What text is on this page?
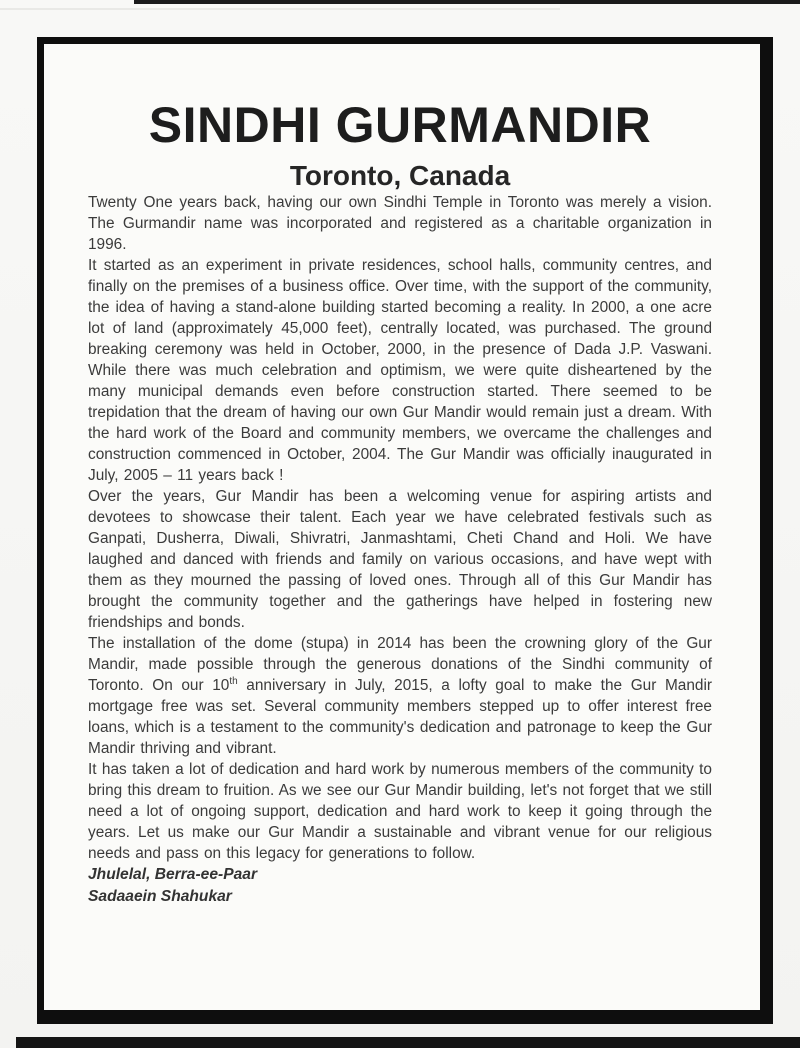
SINDHI GURMANDIR
Toronto, Canada

Twenty One years back, having our own Sindhi Temple in Toronto was merely a vision. The Gurmandir name was incorporated and registered as a charitable organization in 1996.

It started as an experiment in private residences, school halls, community centres, and finally on the premises of a business office. Over time, with the support of the community, the idea of having a stand-alone building started becoming a reality. In 2000, a one acre lot of land (approximately 45,000 feet), centrally located, was purchased. The ground breaking ceremony was held in October, 2000, in the presence of Dada J.P. Vaswani. While there was much celebration and optimism, we were quite disheartened by the many municipal demands even before construction started. There seemed to be trepidation that the dream of having our own Gur Mandir would remain just a dream. With the hard work of the Board and community members, we overcame the challenges and construction commenced in October, 2004. The Gur Mandir was officially inaugurated in July, 2005 – 11 years back !

Over the years, Gur Mandir has been a welcoming venue for aspiring artists and devotees to showcase their talent. Each year we have celebrated festivals such as Ganpati, Dusherra, Diwali, Shivratri, Janmashtami, Cheti Chand and Holi. We have laughed and danced with friends and family on various occasions, and have wept with them as they mourned the passing of loved ones. Through all of this Gur Mandir has brought the community together and the gatherings have helped in fostering new friendships and bonds.

The installation of the dome (stupa) in 2014 has been the crowning glory of the Gur Mandir, made possible through the generous donations of the Sindhi community of Toronto. On our 10th anniversary in July, 2015, a lofty goal to make the Gur Mandir mortgage free was set. Several community members stepped up to offer interest free loans, which is a testament to the community's dedication and patronage to keep the Gur Mandir thriving and vibrant.

It has taken a lot of dedication and hard work by numerous members of the community to bring this dream to fruition. As we see our Gur Mandir building, let's not forget that we still need a lot of ongoing support, dedication and hard work to keep it going through the years. Let us make our Gur Mandir a sustainable and vibrant venue for our religious needs and pass on this legacy for generations to follow.

Jhulelal, Berra-ee-Paar

Sadaaein Shahukar
